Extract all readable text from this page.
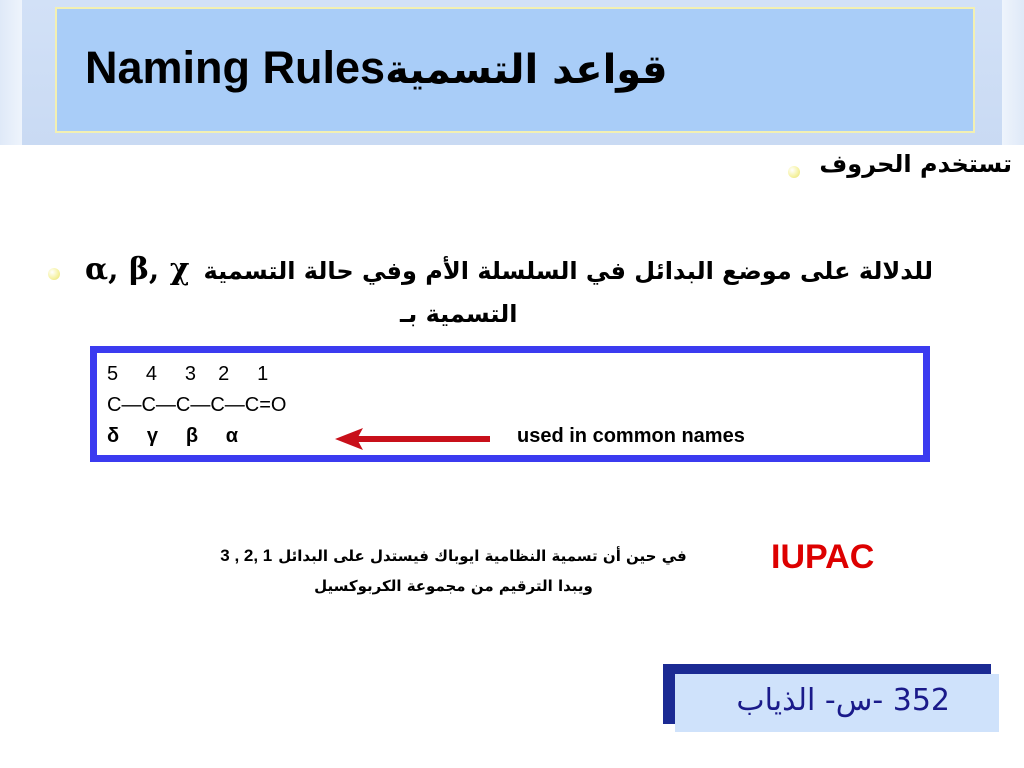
Naming Rules قواعد التسمية
تستخدم الحروف
α, β, χ للدلالة على موضع البدائل في السلسلة الأم وفي حالة التسمية
التسمية بـ
5     4     3    2     1
C—C—C—C—C=O
δ     γ     β     α	used in common names
IUPAC
3 , 2, 1 في حين أن تسمية النظامية ايوباك فيستدل على البدائل
ويبدا الترقيم من مجموعة الكربوكسيل
352 -س- الذياب
